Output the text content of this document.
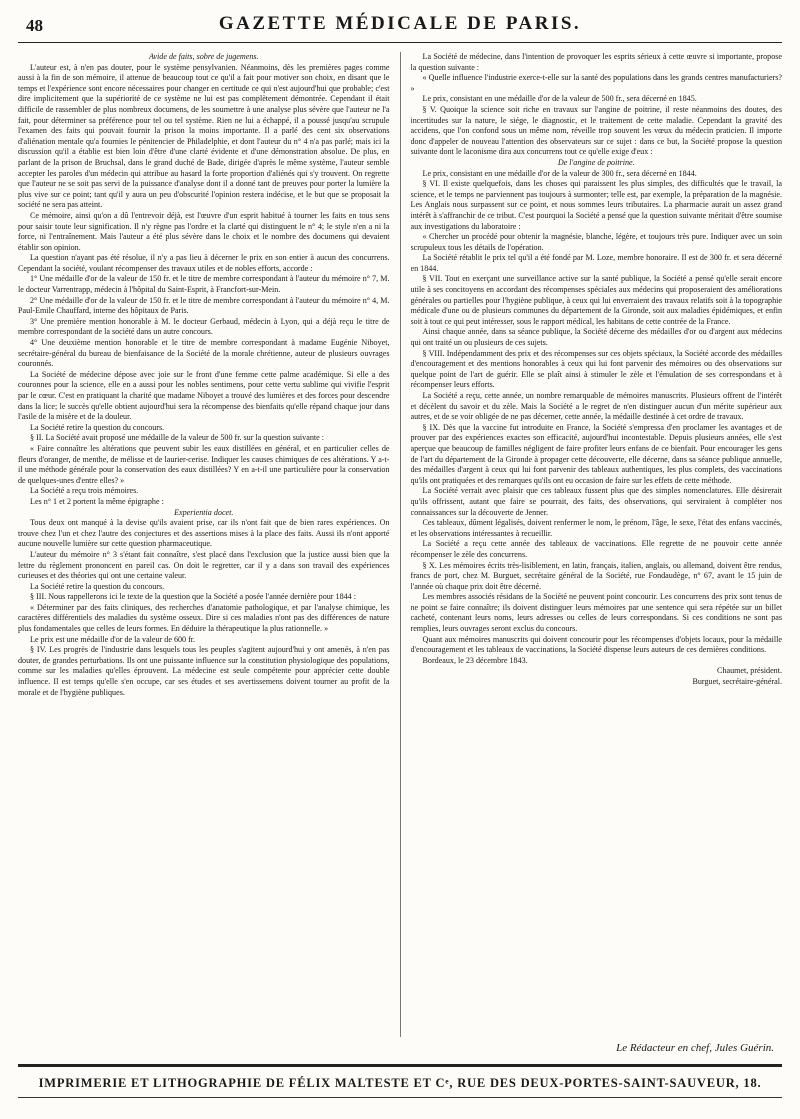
48	GAZETTE MÉDICALE DE PARIS.

Avide de faits, sobre de jugemens.

L'auteur est, à n'en pas douter, pour le système pensylvanien. Néanmoins, dès les premières pages comme aussi à la fin de son mémoire, il attenue de beaucoup tout ce qu'il a fait pour motiver son choix, en disant que le temps et l'expérience sont encore nécessaires pour changer en certitude ce qui n'est aujourd'hui que probable; c'est dire implicitement que la supériorité de ce système ne lui est pas complètement démontrée. Cependant il était difficile de rassembler de plus nombreux documens, de les soumettre à une analyse plus sévère que l'auteur ne l'a fait, pour déterminer sa préférence pour tel ou tel système. Rien ne lui a échappé, il a poussé jusqu'au scrupule l'examen des faits qui pouvait fournir la prison la moins importante. Il a parlé des cent six observations d'aliénation mentale qu'a fournies le pénitencier de Philadelphie, et dont l'auteur du n° 4 n'a pas parlé; mais ici la discussion qu'il a établie est bien loin d'être d'une clarté évidente et d'une démonstration absolue. De plus, en parlant de la prison de Bruchsal, dans le grand duché de Bade, dirigée d'après le même système, l'auteur semble accepter les paroles d'un médecin qui attribue au hasard la forte proportion d'aliénés qui s'y trouvent. On regrette que l'auteur ne se soit pas servi de la puissance d'analyse dont il a donné tant de preuves pour porter la lumière la plus vive sur ce point; tant qu'il y aura un peu d'obscurité l'opinion restera indécise, et le but que se proposait la société ne sera pas atteint.

Ce mémoire, ainsi qu'on a dû l'entrevoir déjà, est l'œuvre d'un esprit habitué à tourner les faits en tous sens pour saisir toute leur signification. Il n'y règne pas l'ordre et la clarté qui distinguent le n° 4; le style n'en a ni la force, ni l'entraînement. Mais l'auteur a été plus sévère dans le choix et le nombre des documens qui devaient établir son opinion.

La question n'ayant pas été résolue, il n'y a pas lieu à décerner le prix en son entier à aucun des concurrens. Cependant la société, voulant récompenser des travaux utiles et de nobles efforts, accorde :

1° Une médaille d'or de la valeur de 150 fr. et le titre de membre correspondant à l'auteur du mémoire n° 7, M. le docteur Varrentrapp, médecin à l'hôpital du Saint-Esprit, à Francfort-sur-Mein.

2° Une médaille d'or de la valeur de 150 fr. et le titre de membre correspondant à l'auteur du mémoire n° 4, M. Paul-Emile Chauffard, interne des hôpitaux de Paris.

3° Une première mention honorable à M. le docteur Gerbaud, médecin à Lyon, qui a déjà reçu le titre de membre correspondant de la société dans un autre concours.

4° Une deuxième mention honorable et le titre de membre correspondant à madame Eugénie Niboyet, secrétaire-général du bureau de bienfaisance de la Société de la morale chrétienne, auteur de plusieurs ouvrages couronnés.

La Société de médecine dépose avec joie sur le front d'une femme cette palme académique. Si elle a des couronnes pour la science, elle en a aussi pour les nobles sentimens, pour cette vertu sublime qui vivifie l'esprit par le cœur. C'est en pratiquant la charité que madame Niboyet a trouvé des lumières et des forces pour descendre dans la lice; le succès qu'elle obtient aujourd'hui sera la récompense des bienfaits qu'elle répand chaque jour dans l'asile de la misère et de la douleur.

La Société retire la question du concours.

§ II. La Société avait proposé une médaille de la valeur de 500 fr. sur la question suivante :

« Faire connaître les altérations que peuvent subir les eaux distillées en général, et en particulier celles de fleurs d'oranger, de menthe, de mélisse et de laurier-cerise. Indiquer les causes chimiques de ces altérations. Y a-t-il une méthode générale pour la conservation des eaux distillées? Y en a-t-il une particulière pour la conservation de quelques-unes d'entre elles? »

La Société a reçu trois mémoires.

Les n° 1 et 2 portent la même épigraphe :

Experientia docet.

Tous deux ont manqué à la devise qu'ils avaient prise, car ils n'ont fait que de bien rares expériences. On trouve chez l'un et chez l'autre des conjectures et des assertions mises à la place des faits. Aussi ils n'ont apporté aucune nouvelle lumière sur cette question pharmaceutique.

L'auteur du mémoire n° 3 s'étant fait connaître, s'est placé dans l'exclusion que la justice aussi bien que la lettre du règlement prononcent en pareil cas. On doit le regretter, car il y a dans son travail des expériences curieuses et des théories qui ont une certaine valeur.

La Société retire la question du concours.

§ III. Nous rappellerons ici le texte de la question que la Société a posée l'année dernière pour 1844 :

« Déterminer par des faits cliniques, des recherches d'anatomie pathologique, et par l'analyse chimique, les caractères différentiels des maladies du système osseux. Dire si ces maladies n'ont pas des différences de nature plus fondamentales que celles de leurs formes. En déduire la thérapeutique la plus rationnelle. »

Le prix est une médaille d'or de la valeur de 600 fr.

§ IV. Les progrès de l'industrie dans lesquels tous les peuples s'agitent aujourd'hui y ont amenés, à n'en pas douter, de grandes perturbations. Ils ont une puissante influence sur la constitution physiologique des populations, comme sur les maladies qu'elles éprouvent. La médecine est seule compétente pour apprécier cette double influence. Il est temps qu'elle s'en occupe, car ses études et ses avertissemens doivent tourner au profit de la morale et de l'hygiène publiques.

La Société de médecine, dans l'intention de provoquer les esprits sérieux à cette œuvre si importante, propose la question suivante :

« Quelle influence l'industrie exerce-t-elle sur la santé des populations dans les grands centres manufacturiers? »

Le prix, consistant en une médaille d'or de la valeur de 500 fr., sera décerné en 1845.

§ V. Quoique la science soit riche en travaux sur l'angine de poitrine, il reste néanmoins des doutes, des incertitudes sur la nature, le siége, le diagnostic, et le traitement de cette maladie. Cependant la gravité des accidens, que l'on confond sous un même nom, réveille trop souvent les vœux du médecin praticien. Il importe donc d'appeler de nouveau l'attention des observateurs sur ce sujet : dans ce but, la Société propose la question suivante dont le laconisme dira aux concurrens tout ce qu'elle exige d'eux :

De l'angine de poitrine.

Le prix, consistant en une médaille d'or de la valeur de 300 fr., sera décerné en 1844.

§ VI. Il existe quelquefois, dans les choses qui paraissent les plus simples, des difficultés que le travail, la science, et le temps ne parviennent pas toujours à surmonter; telle est, par exemple, la préparation de la magnésie. Les Anglais nous surpassent sur ce point, et nous sommes leurs tributaires. La pharmacie aurait un assez grand intérêt à s'affranchir de ce tribut. C'est pourquoi la Société a pensé que la question suivante méritait d'être soumise aux investigations du laboratoire :

« Chercher un procédé pour obtenir la magnésie, blanche, légère, et toujours très pure. Indiquer avec un soin scrupuleux tous les détails de l'opération.

La Société rétablit le prix tel qu'il a été fondé par M. Loze, membre honoraire. Il est de 300 fr. et sera décerné en 1844.

§ VII. Tout en exerçant une surveillance active sur la santé publique, la Société a pensé qu'elle serait encore utile à ses concitoyens en accordant des récompenses spéciales aux médecins qui proposeraient des améliorations générales ou partielles pour l'hygiène publique, à ceux qui lui enverraient des travaux relatifs soit à la topographie médicale d'une ou de plusieurs communes du département de la Gironde, soit aux maladies épidémiques, et enfin soit à tout ce qui peut intéresser, sous le rapport médical, les habitans de cette contrée de la France.

Ainsi chaque année, dans sa séance publique, la Société décerne des médailles d'or ou d'argent aux médecins qui ont traité un ou plusieurs de ces sujets.

§ VIII. Indépendamment des prix et des récompenses sur ces objets spéciaux, la Société accorde des médailles d'encouragement et des mentions honorables à ceux qui lui font parvenir des mémoires ou des observations sur quelque point de l'art de guérir. Elle se plaît ainsi à stimuler le zèle et l'émulation de ses correspondans et à récompenser leurs efforts.

La Société a reçu, cette année, un nombre remarquable de mémoires manuscrits. Plusieurs offrent de l'intérêt et décèlent du savoir et du zèle. Mais la Société a le regret de n'en distinguer aucun d'un mérite supérieur aux autres, et de se voir obligée de ne pas décerner, cette année, la médaille destinée à cet ordre de travaux.

§ IX. Dès que la vaccine fut introduite en France, la Société s'empressa d'en proclamer les avantages et de prouver par des expériences exactes son efficacité, aujourd'hui incontestable. Depuis plusieurs années, elle s'est aperçue que beaucoup de familles négligent de faire profiter leurs enfans de ce bienfait. Pour encourager les gens de l'art du département de la Gironde à propager cette découverte, elle décerne, dans sa séance publique annuelle, des médailles d'argent à ceux qui lui font parvenir des tableaux authentiques, les plus complets, des vaccinations qu'ils ont pratiquées et des remarques qu'ils ont eu occasion de faire sur les effets de cette méthode.

La Société verrait avec plaisir que ces tableaux fussent plus que des simples nomenclatures. Elle désirerait qu'ils offrissent, autant que faire se pourrait, des faits, des observations, qui serviraient à compléter nos connaissances sur la découverte de Jenner.

Ces tableaux, dûment légalisés, doivent renfermer le nom, le prénom, l'âge, le sexe, l'état des enfans vaccinés, et les observations intéressantes à recueillir.

La Société a reçu cette année des tableaux de vaccinations. Elle regrette de ne pouvoir cette année récompenser le zèle des concurrens.

§ X. Les mémoires écrits très-lisiblement, en latin, français, italien, anglais, ou allemand, doivent être rendus, francs de port, chez M. Burguet, secrétaire général de la Société, rue Fondaudège, n° 67, avant le 15 juin de l'année où chaque prix doit être décerné.

Les membres associés résidans de la Société ne peuvent point concourir. Les concurrens des prix sont tenus de ne point se faire connaître; ils doivent distinguer leurs mémoires par une sentence qui sera répétée sur un billet cacheté, contenant leurs noms, leurs adresses ou celles de leurs correspondans. Si ces conditions ne sont pas remplies, leurs ouvrages seront exclus du concours.

Quant aux mémoires manuscrits qui doivent concourir pour les récompenses d'objets locaux, pour la médaille d'encouragement et les tableaux de vaccinations, la Société dispense leurs auteurs de ces dernières conditions.

Bordeaux, le 23 décembre 1843.

Chaumet, président.

Burguet, secrétaire-général.

Le Rédacteur en chef, Jules Guérin.
IMPRIMERIE ET LITHOGRAPHIE DE FÉLIX MALTESTE ET Cᵉ, RUE DES DEUX-PORTES-SAINT-SAUVEUR, 18.
